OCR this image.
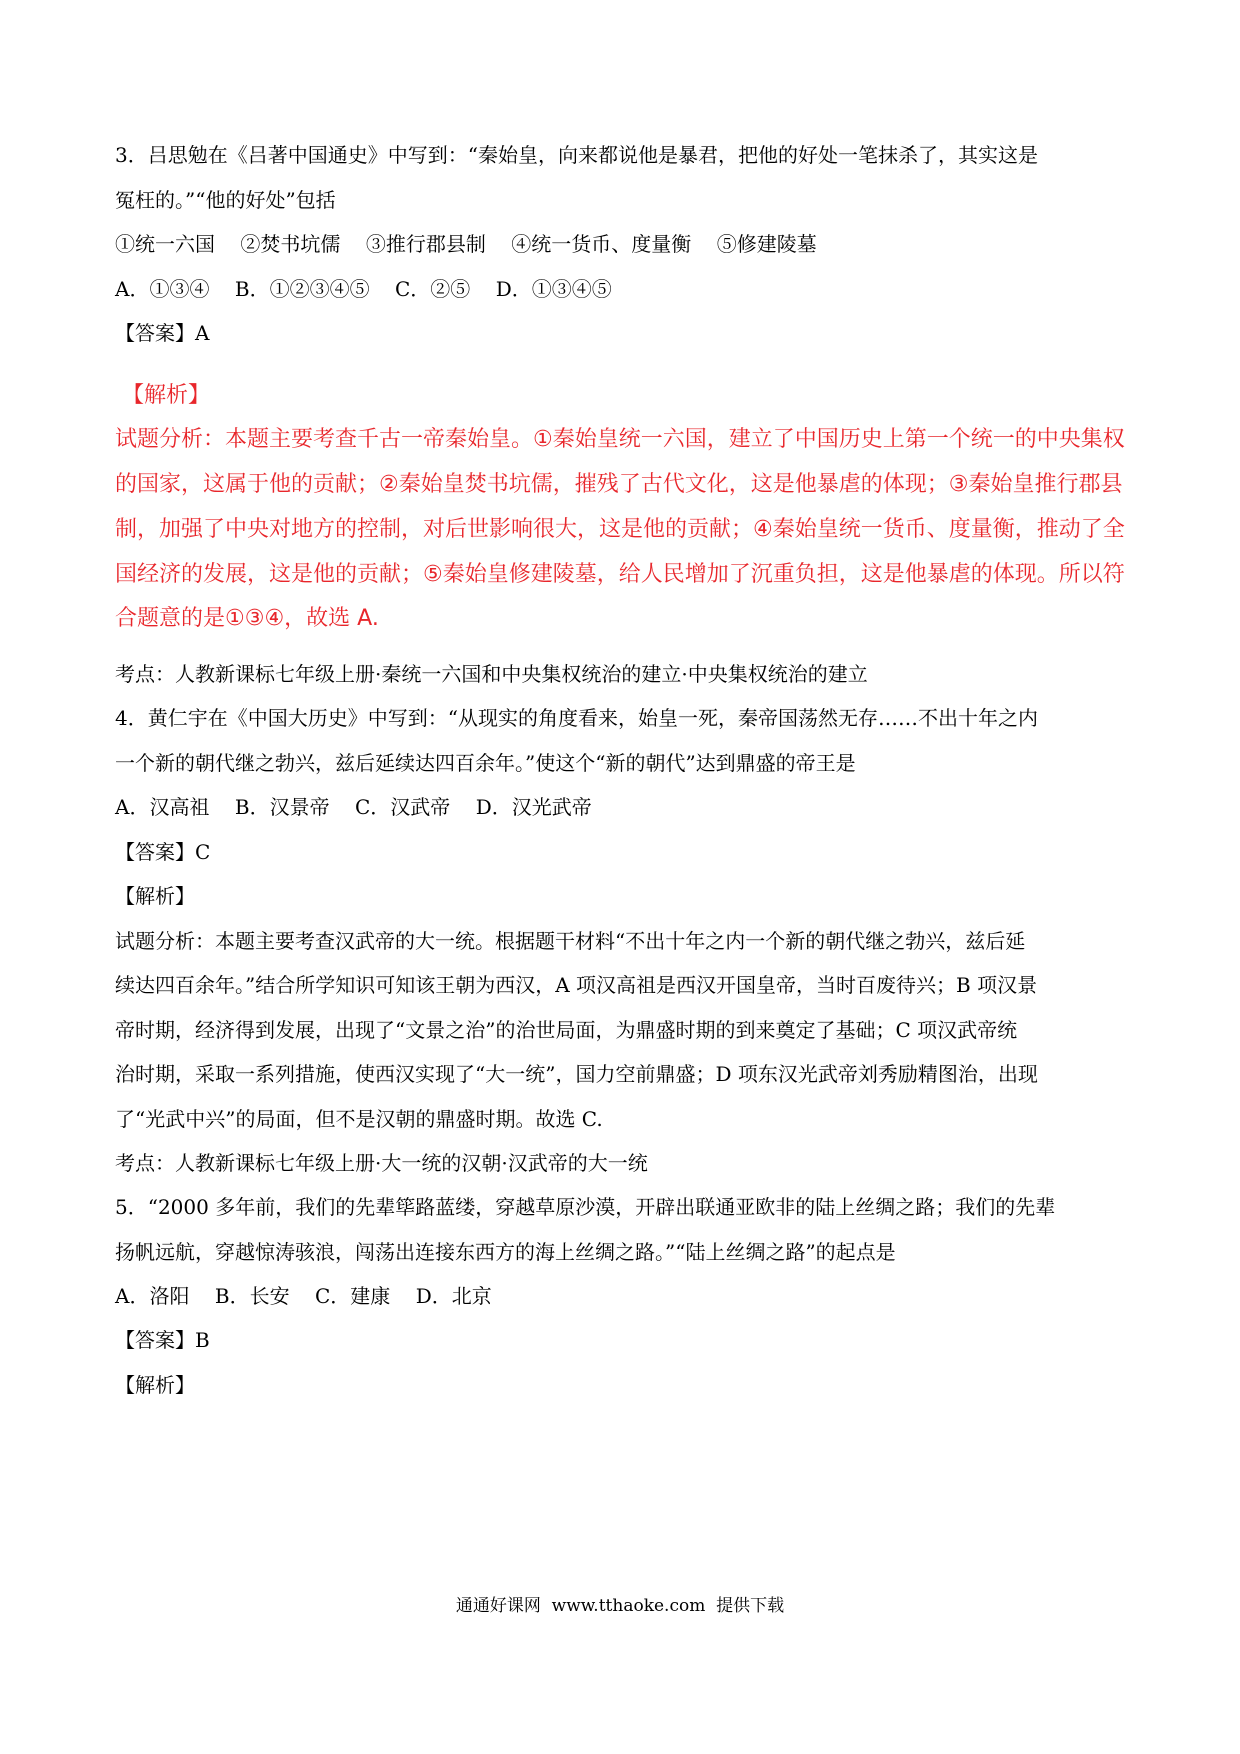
3．吕思勉在《吕著中国通史》中写到：“秦始皇，向来都说他是暴君，把他的好处一笔抹杀了，其实这是
冤枉的。”“他的好处”包括
①统一六国    ②焚书坑儒    ③推行郡县制    ④统一货币、度量衡    ⑤修建陵墓
A．①③④    B．①②③④⑤    C．②⑤    D．①③④⑤
【答案】A
【解析】
试题分析：本题主要考查千古一帝秦始皇。①秦始皇统一六国，建立了中国历史上第一个统一的中央集权
的国家，这属于他的贡献；②秦始皇焚书坑儒，摧残了古代文化，这是他暴虐的体现；③秦始皇推行郡县
制，加强了中央对地方的控制，对后世影响很大，这是他的贡献；④秦始皇统一货币、度量衡，推动了全
国经济的发展，这是他的贡献；⑤秦始皇修建陵墓，给人民增加了沉重负担，这是他暴虐的体现。所以符
合题意的是①③④，故选 A.
考点：人教新课标七年级上册·秦统一六国和中央集权统治的建立·中央集权统治的建立
4．黄仁宇在《中国大历史》中写到：“从现实的角度看来，始皇一死，秦帝国荡然无存……不出十年之内
一个新的朝代继之勃兴，兹后延续达四百余年。”使这个“新的朝代”达到鼎盛的帝王是
A．汉高祖    B．汉景帝    C．汉武帝    D．汉光武帝
【答案】C
【解析】
试题分析：本题主要考查汉武帝的大一统。根据题干材料“不出十年之内一个新的朝代继之勃兴，兹后延
续达四百余年。”结合所学知识可知该王朝为西汉，A 项汉高祖是西汉开国皇帝，当时百废待兴；B 项汉景
帝时期，经济得到发展，出现了“文景之治”的治世局面，为鼎盛时期的到来奠定了基础；C 项汉武帝统
治时期，采取一系列措施，使西汉实现了“大一统”，国力空前鼎盛；D 项东汉光武帝刘秀励精图治，出现
了“光武中兴”的局面，但不是汉朝的鼎盛时期。故选 C.
考点：人教新课标七年级上册·大一统的汉朝·汉武帝的大一统
5．“2000 多年前，我们的先辈筚路蓝缕，穿越草原沙漠，开辟出联通亚欧非的陆上丝绸之路；我们的先辈
扬帆远航，穿越惊涛骇浪，闯荡出连接东西方的海上丝绸之路。”“陆上丝绸之路”的起点是
A．洛阳    B．长安    C．建康    D．北京
【答案】B
【解析】
通通好课网  www.tthaoke.com  提供下载
